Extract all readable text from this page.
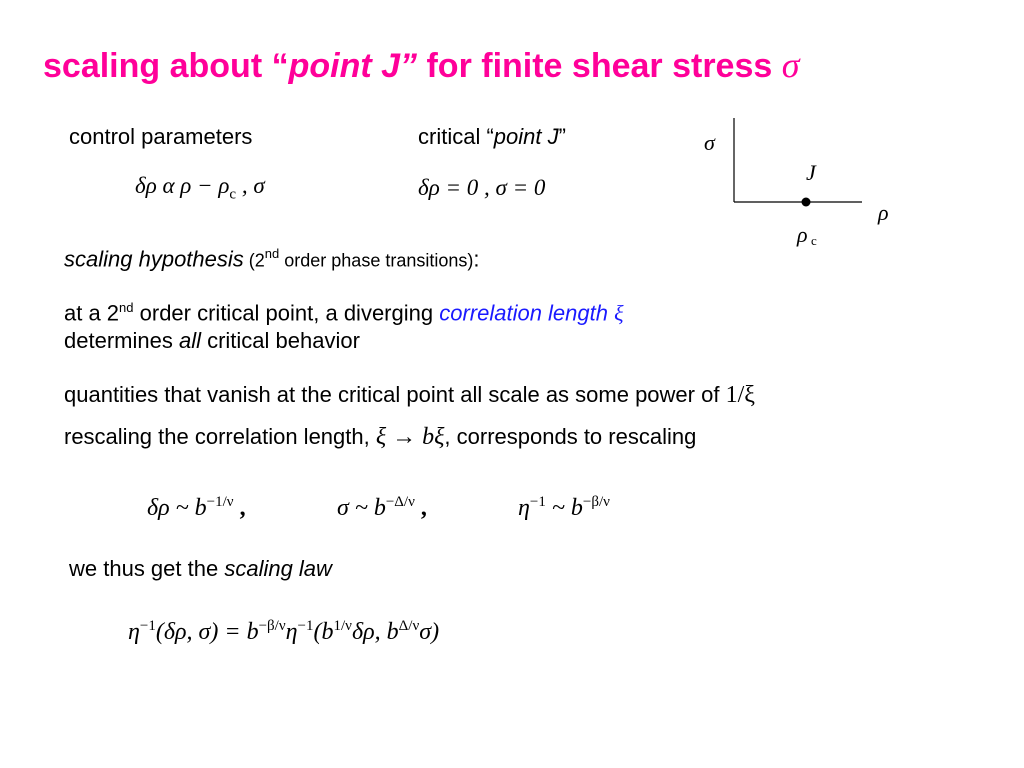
scaling about “point J” for finite shear stress σ
control parameters
δρ α $\rho - \rho_c$ , σ
critical “point J”
δρ = 0 , σ = 0
σ
J
ρ
ρ c
scaling hypothesis (2nd order phase transitions):
at a 2nd order critical point, a diverging correlation length ξ
determines all critical behavior
quantities that vanish at the critical point all scale as some power of 1/ξ
rescaling the correlation length, ξ → bξ, corresponds to rescaling
δρ ~ $b^{-1/\nu}$ ,	σ ~ $b^{-\Delta/\nu}$ ,	$\eta^{-1}$ ~ $b^{-\beta/\nu}$
we thus get the scaling law
$\eta^{-1}(\delta\rho$, $\sigma) = b^{-\beta/\nu}\eta^{-1}(b^{1/\nu}\delta\rho$, $b^{\Delta/\nu}\sigma$)
